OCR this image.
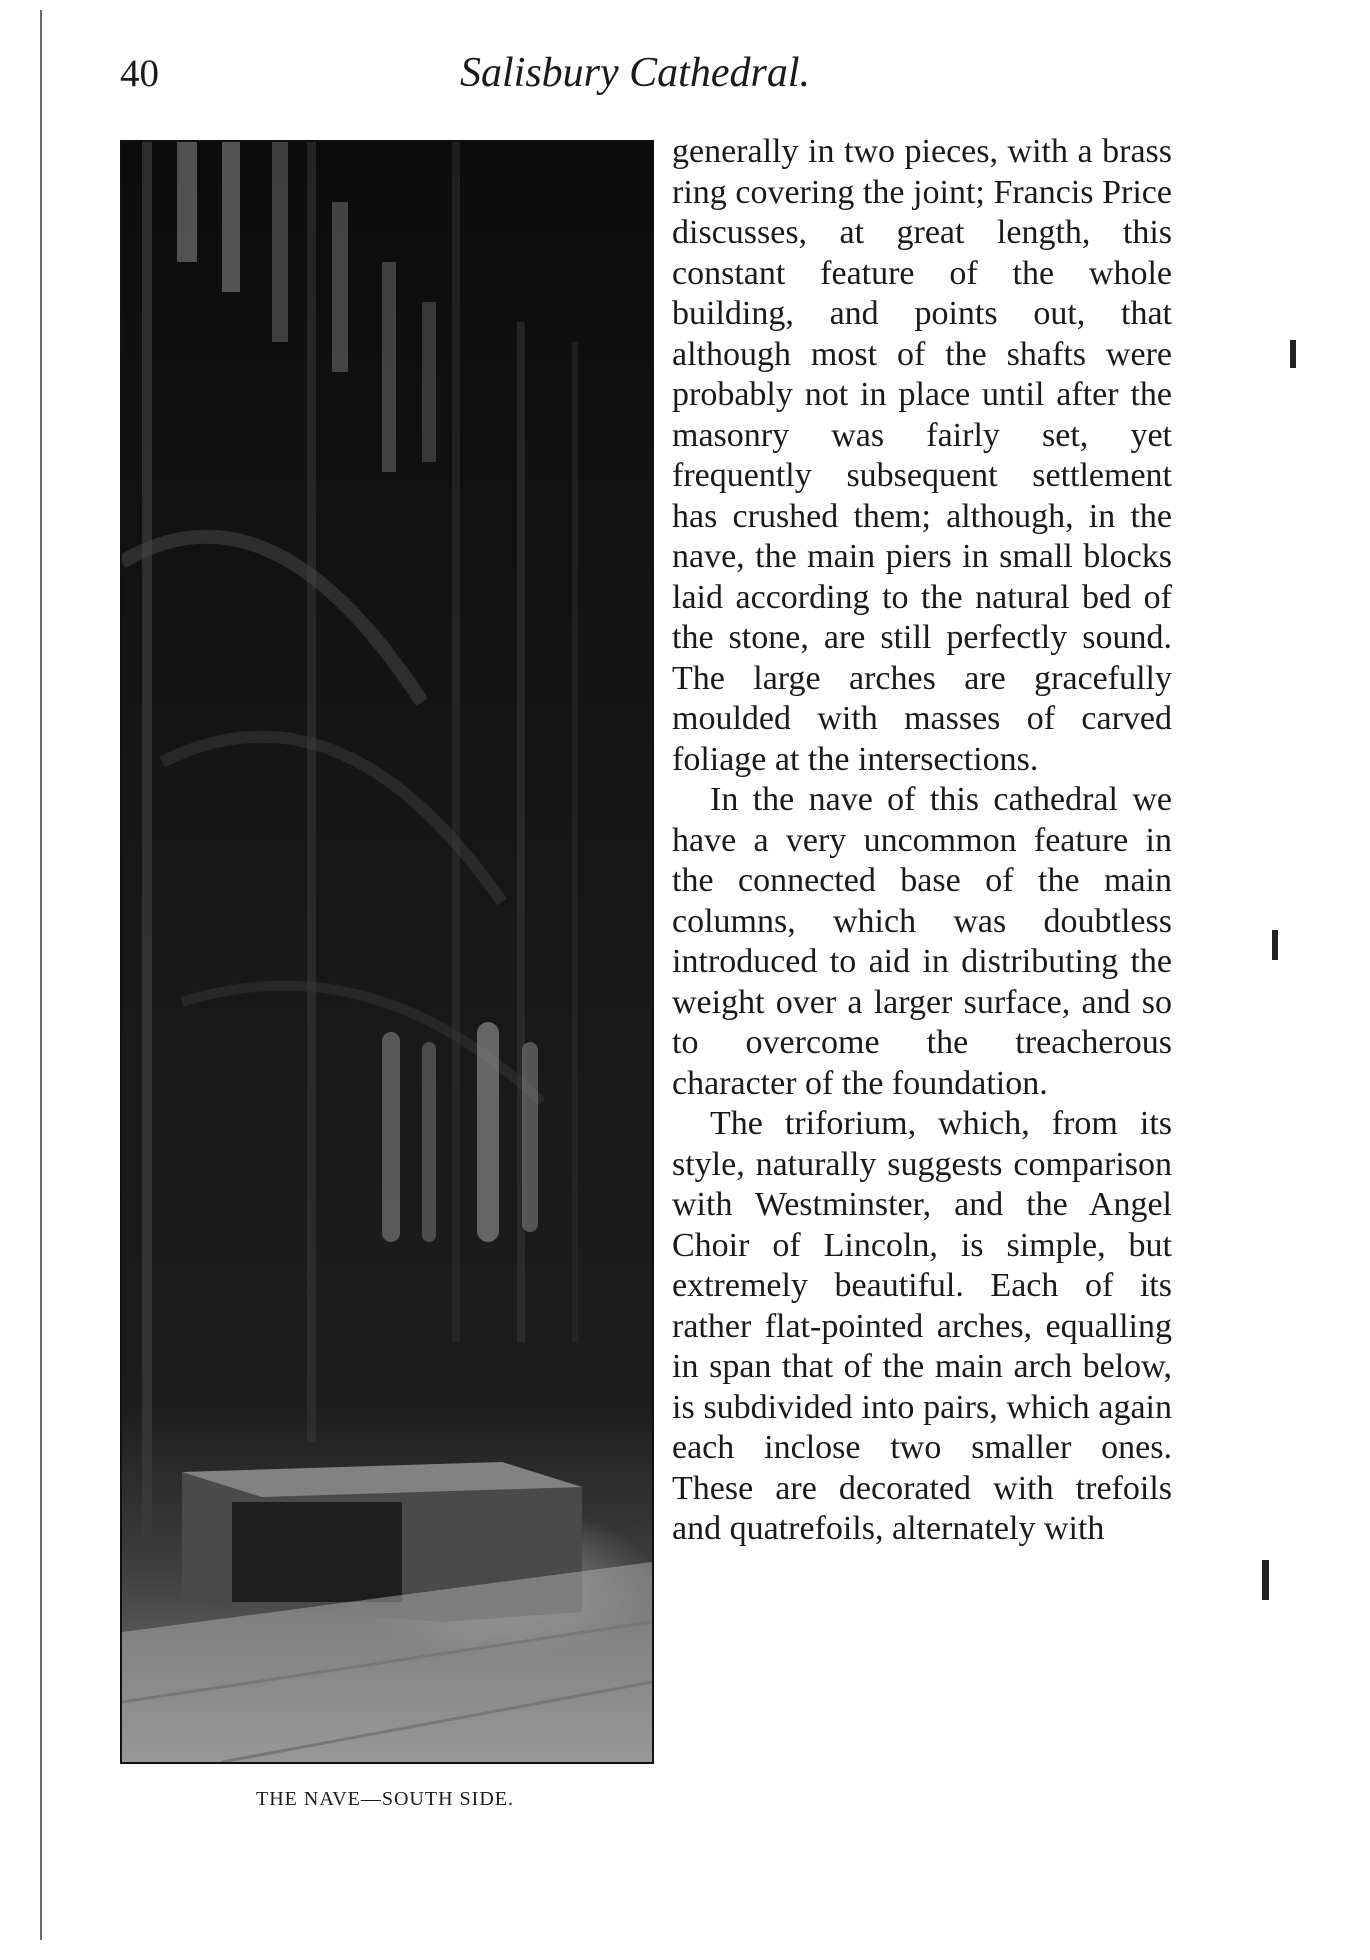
40	Salisbury Cathedral.
THE NAVE—SOUTH SIDE.

generally in two pieces, with a brass ring covering the joint; Francis Price discusses, at great length, this constant feature of the whole building, and points out, that although most of the shafts were probably not in place until after the masonry was fairly set, yet frequently subsequent settlement has crushed them; although, in the nave, the main piers in small blocks laid according to the natural bed of the stone, are still perfectly sound. The large arches are gracefully moulded with masses of carved foliage at the intersections.

In the nave of this cathedral we have a very uncommon feature in the connected base of the main columns, which was doubtless introduced to aid in distributing the weight over a larger surface, and so to overcome the treacherous character of the foundation.

The triforium, which, from its style, naturally suggests comparison with Westminster, and the Angel Choir of Lincoln, is simple, but extremely beautiful. Each of its rather flat-pointed arches, equalling in span that of the main arch below, is subdivided into pairs, which again each inclose two smaller ones. These are decorated with trefoils and quatrefoils, alternately with
